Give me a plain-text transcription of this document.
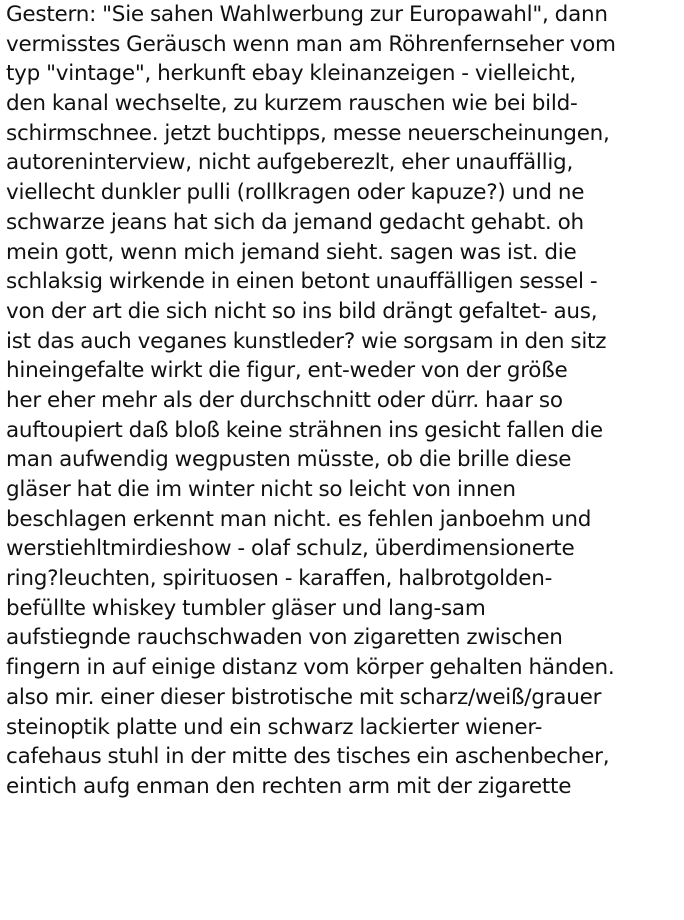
Gestern: "Sie sahen Wahlwerbung zur Europawahl", dann
vermisstes Geräusch wenn man am Röhrenfernseher vom
typ "vintage", herkunft ebay kleinanzeigen - vielleicht,
den kanal wechselte, zu kurzem rauschen wie bei bild-
schirmschnee. jetzt buchtipps, messe neuerscheinungen,
autoreninterview, nicht aufgeberezlt, eher unauffällig,
viellecht dunkler pulli (rollkragen oder kapuze?) und ne
schwarze jeans hat sich da jemand gedacht gehabt. oh
mein gott, wenn mich jemand sieht. sagen was ist. die
schlaksig wirkende in einen betont unauffälligen sessel -
von der art die sich nicht so ins bild drängt gefaltet- aus,
ist das auch veganes kunstleder? wie sorgsam in den sitz
hineingefalte wirkt die figur, ent-weder von der größe
her eher mehr als der durchschnitt oder dürr. haar so
auftoupiert daß bloß keine strähnen ins gesicht fallen die
man aufwendig wegpusten müsste, ob die brille diese
gläser hat die im winter nicht so leicht von innen
beschlagen erkennt man nicht. es fehlen janboehm und
werstiehltmirdieshow - olaf schulz, überdimensionerte
ring?leuchten, spirituosen - karaffen, halbrotgolden-
befüllte whiskey tumbler gläser und lang-sam
aufstiegnde rauchschwaden von zigaretten zwischen
fingern in auf einige distanz vom körper gehalten händen.
also mir. einer dieser bistrotische mit scharz/weiß/grauer
steinoptik platte und ein schwarz lackierter wiener-
cafehaus stuhl in der mitte des tisches ein aschenbecher,
eintich aufg enman den rechten arm mit der zigarette
